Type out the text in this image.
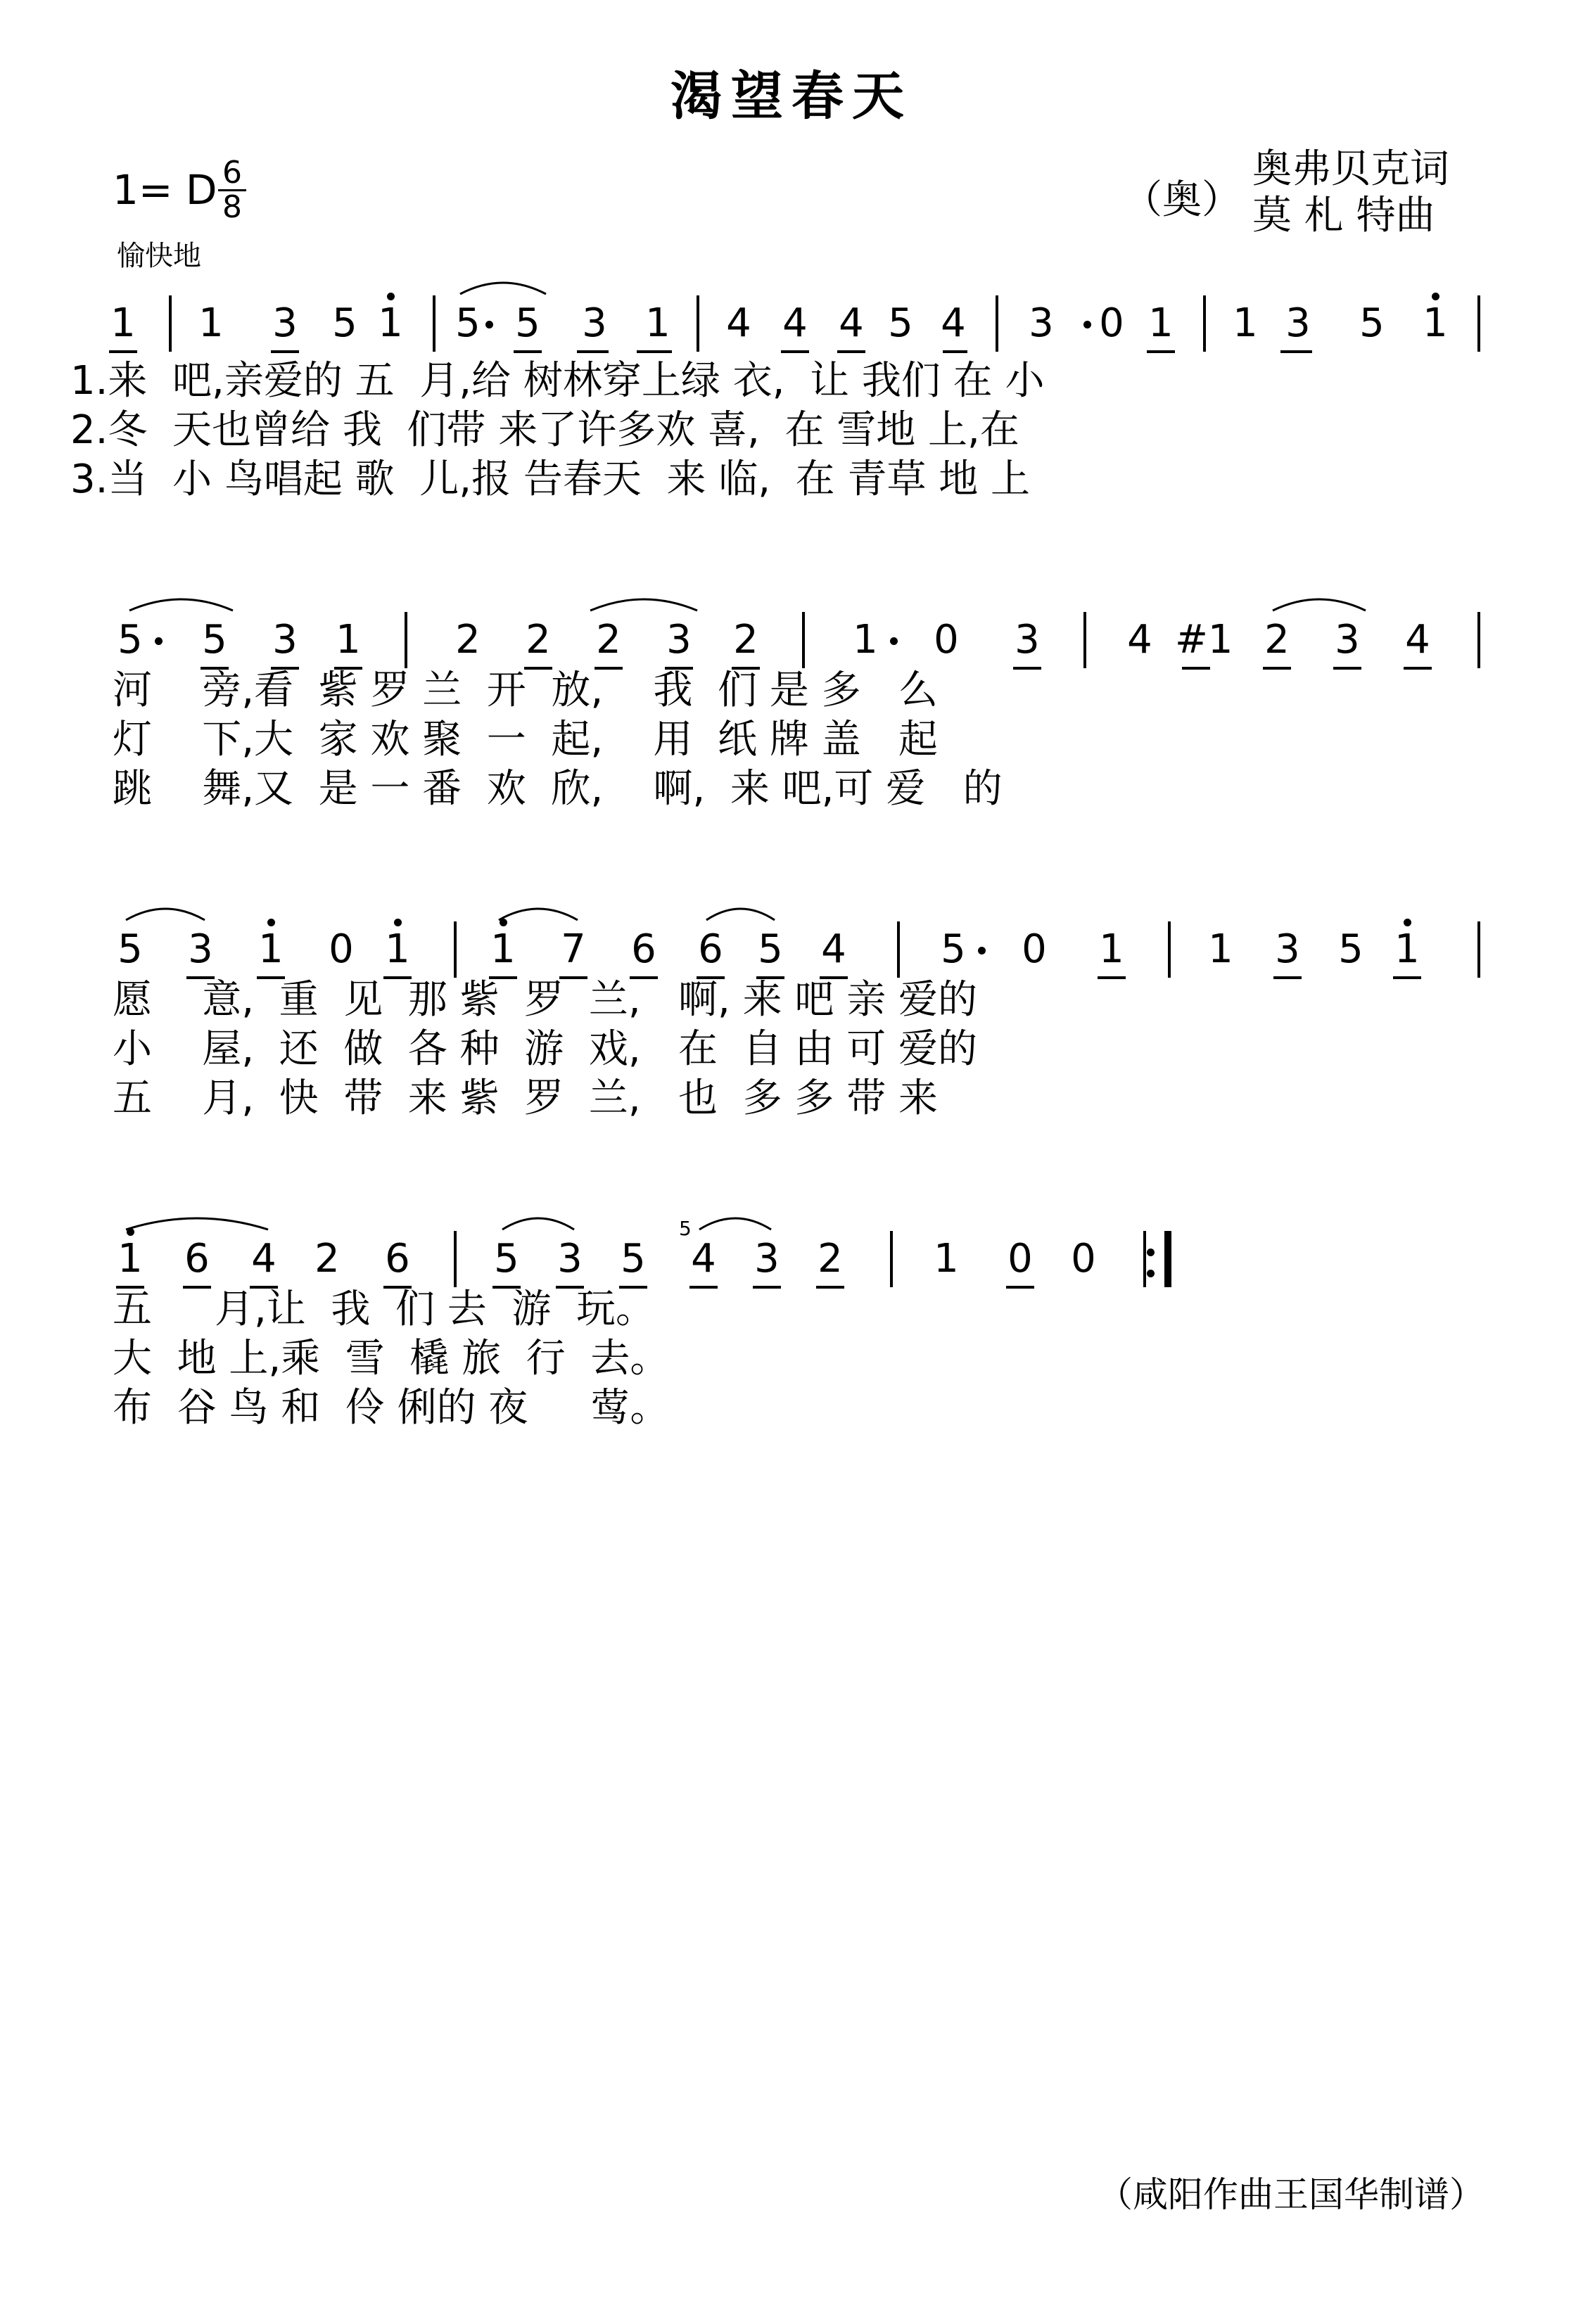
渴望春天
1= D 6
8
愉快地
奥弗贝克词
（奥） 莫 札 特曲
1 1 3 5 1 5 5 3 1 4 4 4 5 4 3 0 1 1 3 5 1
1.来  吧,亲爱的 五  月,给 树林穿上绿 衣,  让 我们 在 小
2.冬  天也曾给 我  们带 来了许多欢 喜,  在 雪地 上,在
3.当  小 鸟唱起 歌  儿,报 告春天  来 临,  在 青草 地 上
5 5 3 1 2 2 2 3 2 1 0 3 4 #1 2 3 4
河    旁,看  紫 罗 兰  开  放,    我  们 是 多   么
灯    下,大  家 欢 聚  一  起,    用  纸 牌 盖   起
跳    舞,又  是 一 番  欢  欣,    啊,  来 吧,可 爱   的
5 3 1 0 1 1 7 6 6 5 4 5 0 1 1 3 5 1
愿    意,  重  见  那 紫  罗  兰,   啊, 来 吧 亲 爱的
小    屋,  还  做  各 种  游  戏,   在  自 由 可 爱的
五    月,  快  带  来 紫  罗  兰,   也  多 多 带 来
1 6 4 2 6 5 3 5 4 3 2 1 0 0
五     月,让  我  们 去  游  玩。
大  地 上,乘  雪  橇 旅  行  去。
布  谷 鸟 和  伶 俐的 夜     莺。
5
（咸阳作曲王国华制谱）
